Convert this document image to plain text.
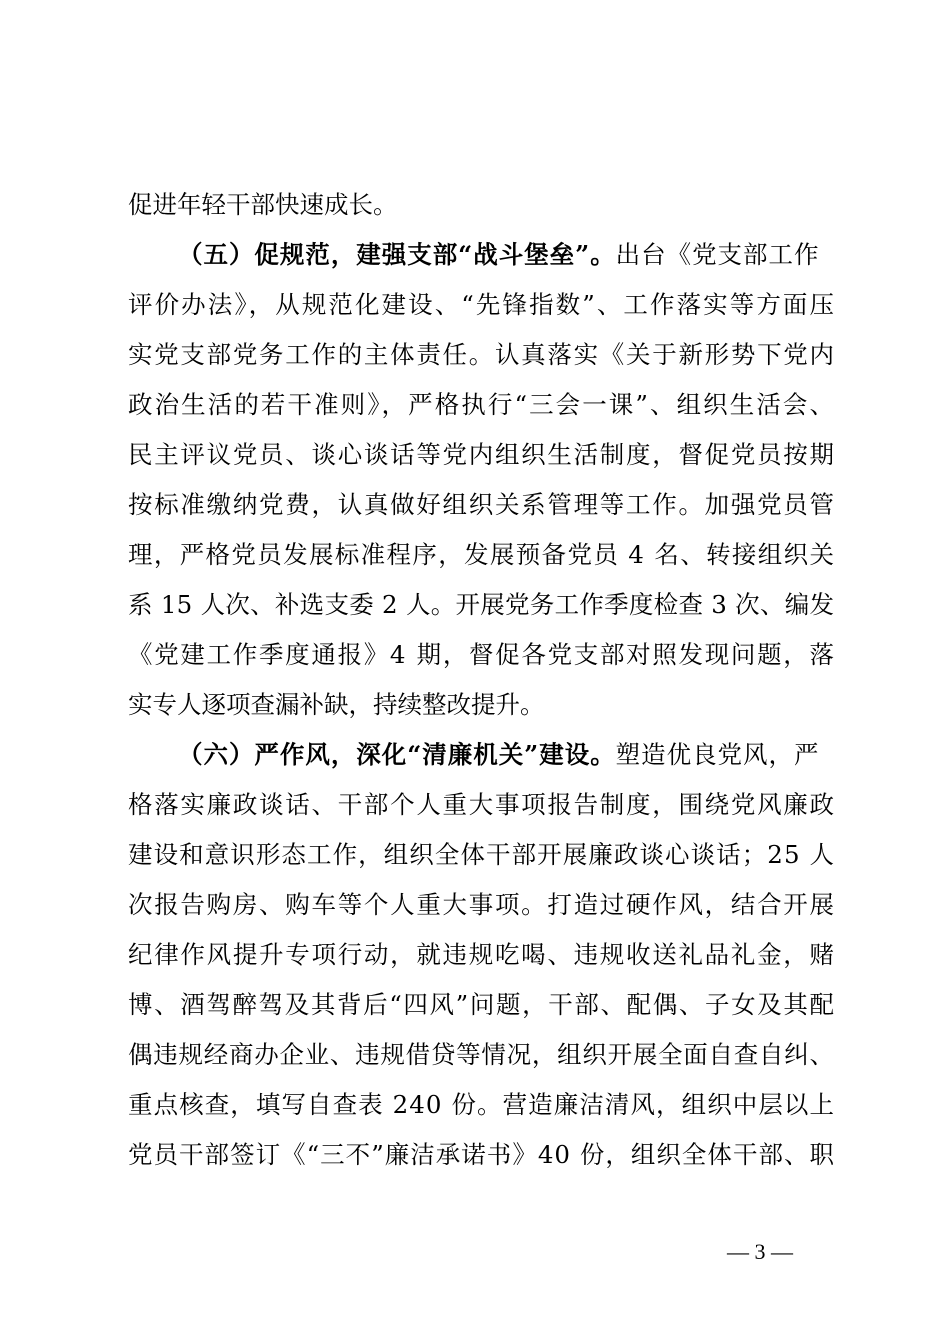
促进年轻干部快速成长。
（五）促规范，建强支部“战斗堡垒”。出台《党支部工作
评价办法》，从规范化建设、“先锋指数”、工作落实等方面压
实党支部党务工作的主体责任。认真落实《关于新形势下党内
政治生活的若干准则》，严格执行“三会一课”、组织生活会、
民主评议党员、谈心谈话等党内组织生活制度，督促党员按期
按标准缴纳党费，认真做好组织关系管理等工作。加强党员管
理，严格党员发展标准程序，发展预备党员 4 名、转接组织关
系 15 人次、补选支委 2 人。开展党务工作季度检查 3 次、编发
《党建工作季度通报》4 期，督促各党支部对照发现问题，落
实专人逐项查漏补缺，持续整改提升。
（六）严作风，深化“清廉机关”建设。塑造优良党风，严
格落实廉政谈话、干部个人重大事项报告制度，围绕党风廉政
建设和意识形态工作，组织全体干部开展廉政谈心谈话；25 人
次报告购房、购车等个人重大事项。打造过硬作风，结合开展
纪律作风提升专项行动，就违规吃喝、违规收送礼品礼金，赌
博、酒驾醉驾及其背后“四风”问题，干部、配偶、子女及其配
偶违规经商办企业、违规借贷等情况，组织开展全面自查自纠、
重点核查，填写自查表 240 份。营造廉洁清风，组织中层以上
党员干部签订《“三不”廉洁承诺书》40 份，组织全体干部、职
— 3 —
